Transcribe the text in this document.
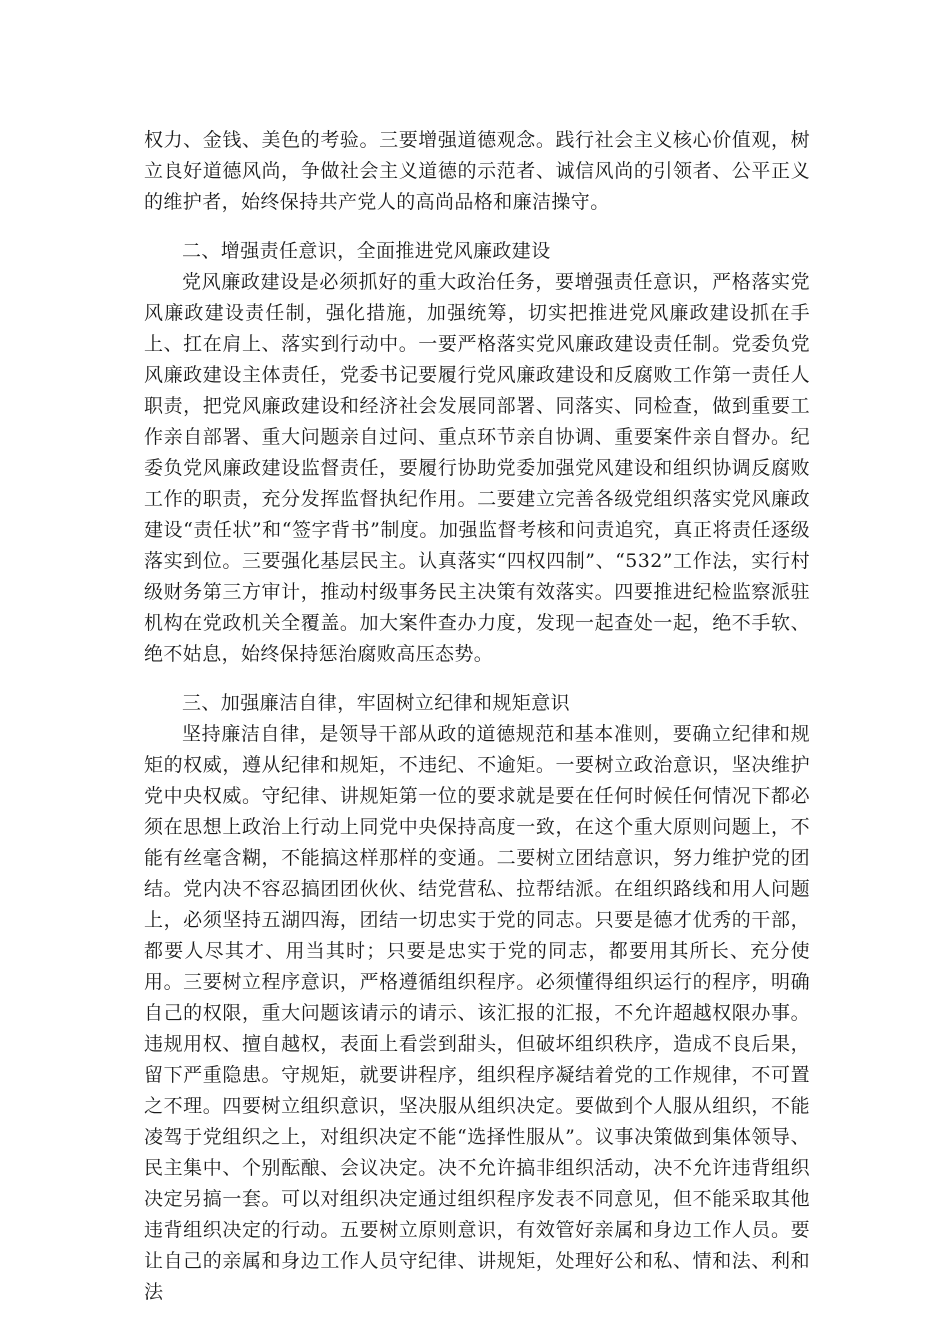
权力、金钱、美色的考验。三要增强道德观念。践行社会主义核心价值观，树立良好道德风尚，争做社会主义道德的示范者、诚信风尚的引领者、公平正义的维护者，始终保持共产党人的高尚品格和廉洁操守。

二、增强责任意识，全面推进党风廉政建设

党风廉政建设是必须抓好的重大政治任务，要增强责任意识，严格落实党风廉政建设责任制，强化措施，加强统筹，切实把推进党风廉政建设抓在手上、扛在肩上、落实到行动中。一要严格落实党风廉政建设责任制。党委负党风廉政建设主体责任，党委书记要履行党风廉政建设和反腐败工作第一责任人职责，把党风廉政建设和经济社会发展同部署、同落实、同检查，做到重要工作亲自部署、重大问题亲自过问、重点环节亲自协调、重要案件亲自督办。纪委负党风廉政建设监督责任，要履行协助党委加强党风建设和组织协调反腐败工作的职责，充分发挥监督执纪作用。二要建立完善各级党组织落实党风廉政建设“责任状”和“签字背书”制度。加强监督考核和问责追究，真正将责任逐级落实到位。三要强化基层民主。认真落实“四权四制”、“532”工作法，实行村级财务第三方审计，推动村级事务民主决策有效落实。四要推进纪检监察派驻机构在党政机关全覆盖。加大案件查办力度，发现一起查处一起，绝不手软、绝不姑息，始终保持惩治腐败高压态势。

三、加强廉洁自律，牢固树立纪律和规矩意识

坚持廉洁自律，是领导干部从政的道德规范和基本准则，要确立纪律和规矩的权威，遵从纪律和规矩，不违纪、不逾矩。一要树立政治意识，坚决维护党中央权威。守纪律、讲规矩第一位的要求就是要在任何时候任何情况下都必须在思想上政治上行动上同党中央保持高度一致，在这个重大原则问题上，不能有丝毫含糊，不能搞这样那样的变通。二要树立团结意识，努力维护党的团结。党内决不容忍搞团团伙伙、结党营私、拉帮结派。在组织路线和用人问题上，必须坚持五湖四海，团结一切忠实于党的同志。只要是德才优秀的干部，都要人尽其才、用当其时；只要是忠实于党的同志，都要用其所长、充分使用。三要树立程序意识，严格遵循组织程序。必须懂得组织运行的程序，明确自己的权限，重大问题该请示的请示、该汇报的汇报，不允许超越权限办事。违规用权、擅自越权，表面上看尝到甜头，但破坏组织秩序，造成不良后果，留下严重隐患。守规矩，就要讲程序，组织程序凝结着党的工作规律，不可置之不理。四要树立组织意识，坚决服从组织决定。要做到个人服从组织，不能凌驾于党组织之上，对组织决定不能“选择性服从”。议事决策做到集体领导、民主集中、个别酝酿、会议决定。决不允许搞非组织活动，决不允许违背组织决定另搞一套。可以对组织决定通过组织程序发表不同意见，但不能采取其他违背组织决定的行动。五要树立原则意识，有效管好亲属和身边工作人员。要让自己的亲属和身边工作人员守纪律、讲规矩，处理好公和私、情和法、利和法
